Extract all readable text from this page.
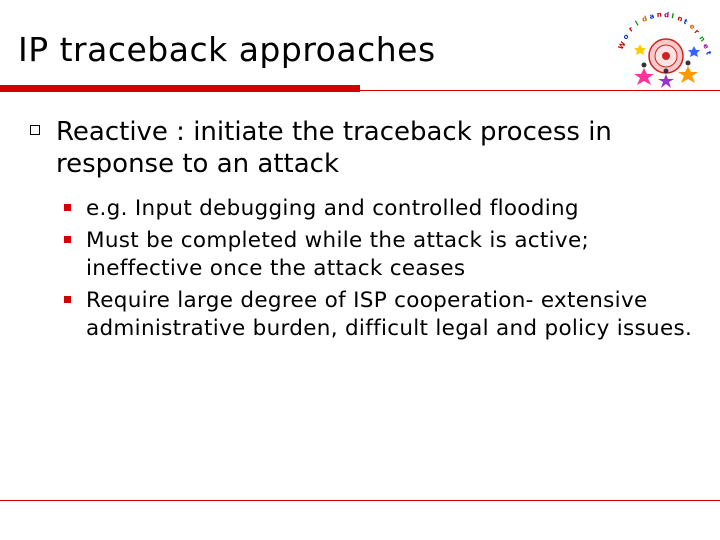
IP traceback approaches	W
o
r
l d a n d I n
t
e
r
n
e
t
Reactive : initiate the traceback process in response to an attack
e.g. Input debugging and controlled flooding
Must be completed while the attack is active; ineffective once the attack ceases
Require large degree of ISP cooperation- extensive administrative burden, difficult legal and policy issues.
